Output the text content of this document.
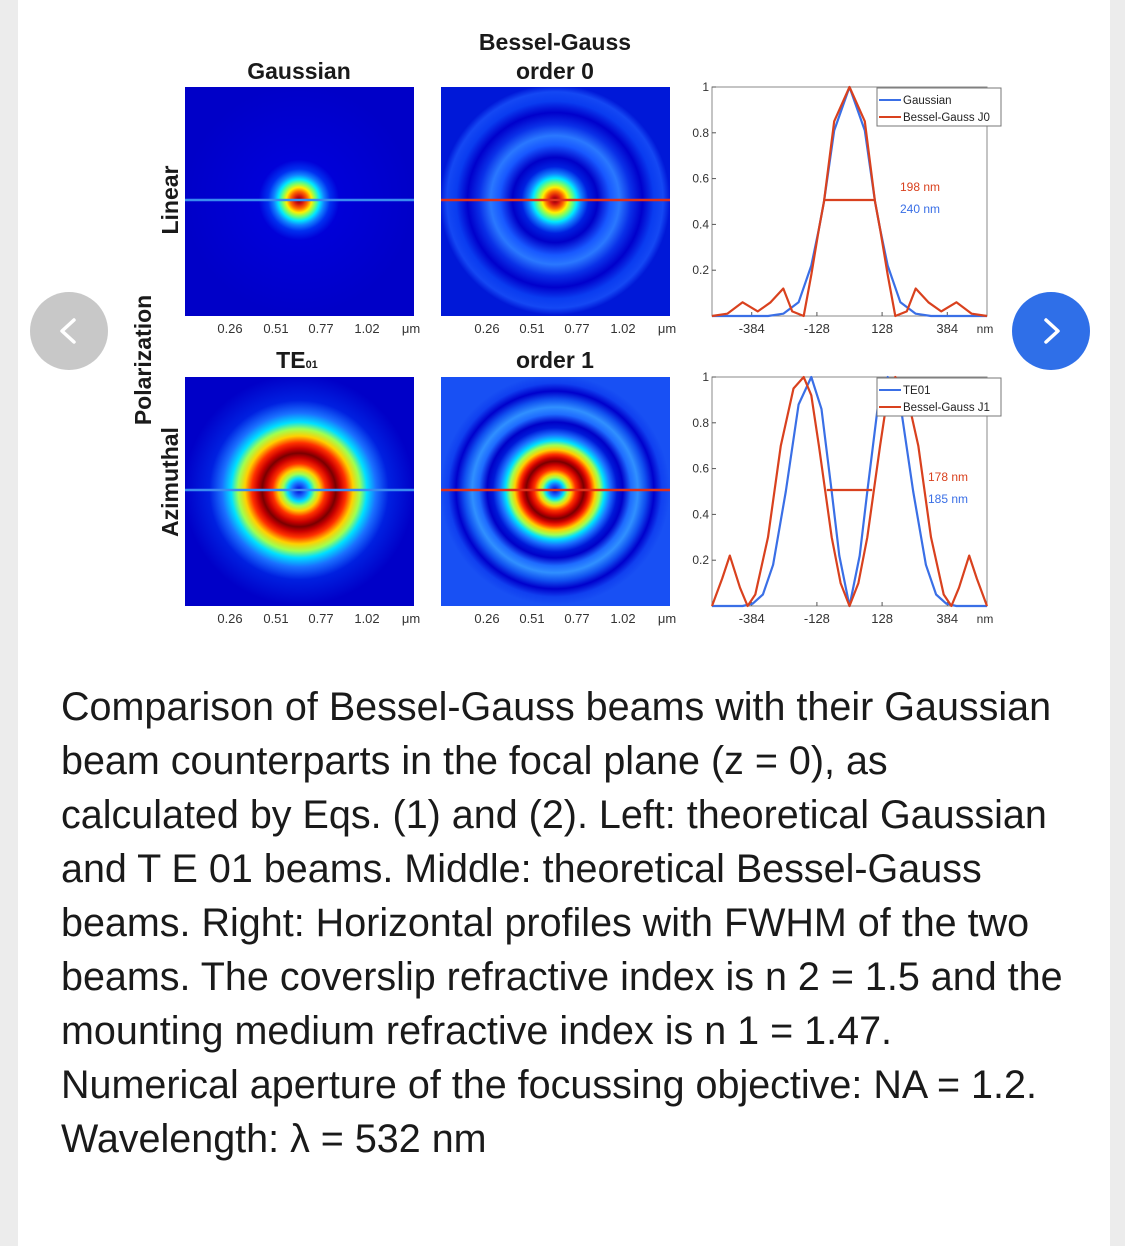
Polarization
Linear
Azimuthal
Gaussian
Bessel-Gauss
order 0
TE01	order 1
0.26 0.51 0.77 1.02 μm	0.26 0.51 0.77 1.02 μm
0.26 0.51 0.77 1.02 μm	0.26 0.51 0.77 1.02 μm
1
0.8
0.6
0.4
0.2
-384	-128	128	384 nm
Gaussian
Bessel-Gauss J0
198 nm
240 nm
1
0.8
0.6
0.4
0.2
-384	-128	128	384 nm
TE01
Bessel-Gauss J1
178 nm
185 nm

Comparison of Bessel-Gauss beams with their Gaussian beam counterparts in the focal plane (z = 0), as calculated by Eqs. (1) and (2). Left: theoretical Gaussian and T E 01 beams. Middle: theoretical Bessel-Gauss beams. Right: Horizontal profiles with FWHM of the two beams. The coverslip refractive index is n 2 = 1.5 and the mounting medium refractive index is n 1 = 1.47. Numerical aperture of the focussing objective: NA = 1.2. Wavelength: λ = 532 nm
